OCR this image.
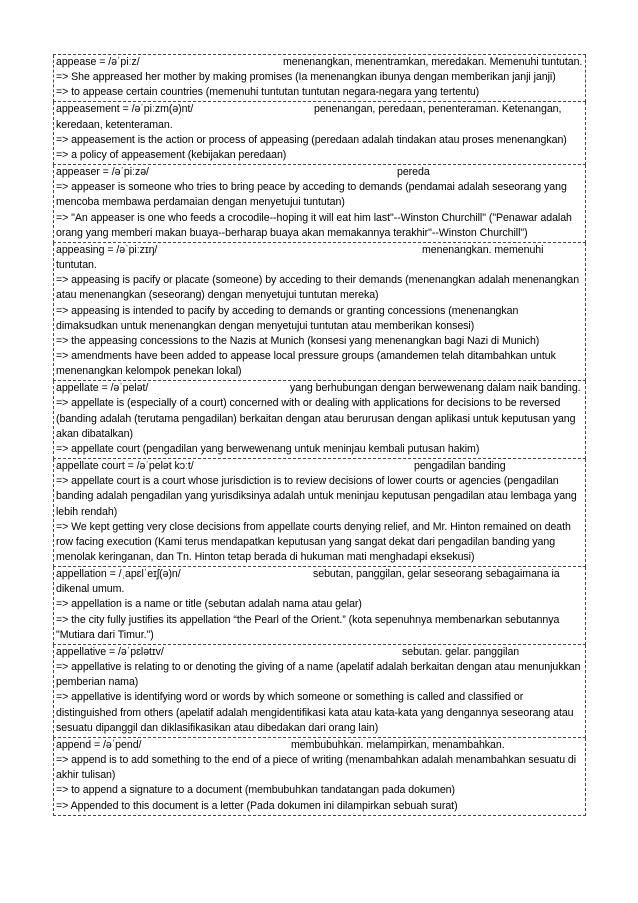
appease = /əˈpiːz/	menenangkan, menentramkan, meredakan. Memenuhi tuntutan.
=> She appreased her mother by making promises (Ia menenangkan ibunya dengan memberikan janji janji)
=> to appease certain countries (memenuhi tuntutan tuntutan negara-negara yang tertentu)
appeasement = /əˈpiːzm(ə)nt/	penenangan, peredaan, penenteraman. Ketenangan, keredaan, ketenteraman.
=> appeasement is the action or process of appeasing (peredaan adalah tindakan atau proses menenangkan)
=> a policy of appeasement (kebijakan peredaan)
appeaser = /əˈpiːzə/	pereda
=> appeaser is someone who tries to bring peace by acceding to demands (pendamai adalah seseorang yang mencoba membawa perdamaian dengan menyetujui tuntutan)
=> "An appeaser is one who feeds a crocodile--hoping it will eat him last"--Winston Churchill" ("Penawar adalah orang yang memberi makan buaya--berharap buaya akan memakannya terakhir"--Winston Churchill")
appeasing = /əˈpiːzɪŋ/	menenangkan. memenuhi tuntutan.
=> appeasing is pacify or placate (someone) by acceding to their demands (menenangkan adalah menenangkan atau menenangkan (seseorang) dengan menyetujui tuntutan mereka)
=> appeasing is intended to pacify by acceding to demands or granting concessions (menenangkan dimaksudkan untuk menenangkan dengan menyetujui tuntutan atau memberikan konsesi)
=> the appeasing concessions to the Nazis at Munich (konsesi yang menenangkan bagi Nazi di Munich)
=> amendments have been added to appease local pressure groups (amandemen telah ditambahkan untuk menenangkan kelompok penekan lokal)
appellate = /əˈpelət/	yang berhubungan dengan berwewenang dalam naik banding.
=> appellate is (especially of a court) concerned with or dealing with applications for decisions to be reversed (banding adalah (terutama pengadilan) berkaitan dengan atau berurusan dengan aplikasi untuk keputusan yang akan dibatalkan)
=> appellate court (pengadilan yang berwewenang untuk meninjau kembali putusan hakim)
appellate court = /əˈpelət kɔːt/	pengadilan banding
=> appellate court is a court whose jurisdiction is to review decisions of lower courts or agencies (pengadilan banding adalah pengadilan yang yurisdiksinya adalah untuk meninjau keputusan pengadilan atau lembaga yang lebih rendah)
=> We kept getting very close decisions from appellate courts denying relief, and Mr. Hinton remained on death row facing execution (Kami terus mendapatkan keputusan yang sangat dekat dari pengadilan banding yang menolak keringanan, dan Tn. Hinton tetap berada di hukuman mati menghadapi eksekusi)
appellation = /ˌapɛlˈeɪʃ(ə)n/	sebutan, panggilan, gelar seseorang sebagaimana ia dikenal umum.
=> appellation is a name or title (sebutan adalah nama atau gelar)
=> the city fully justifies its appellation “the Pearl of the Orient.” (kota sepenuhnya membenarkan sebutannya "Mutiara dari Timur.")
appellative = /əˈpɛlətɪv/	sebutan. gelar. panggilan
=> appellative is relating to or denoting the giving of a name (apelatif adalah berkaitan dengan atau menunjukkan pemberian nama)
=> appellative is identifying word or words by which someone or something is called and classified or distinguished from others (apelatif adalah mengidentifikasi kata atau kata-kata yang dengannya seseorang atau sesuatu dipanggil dan diklasifikasikan atau dibedakan dari orang lain)
append = /əˈpend/	membubuhkan. melampirkan, menambahkan.
=> append is to add something to the end of a piece of writing (menambahkan adalah menambahkan sesuatu di akhir tulisan)
=> to append a signature to a document (membubuhkan tandatangan pada dokumen)
=> Appended to this document is a letter (Pada dokumen ini dilampirkan sebuah surat)
